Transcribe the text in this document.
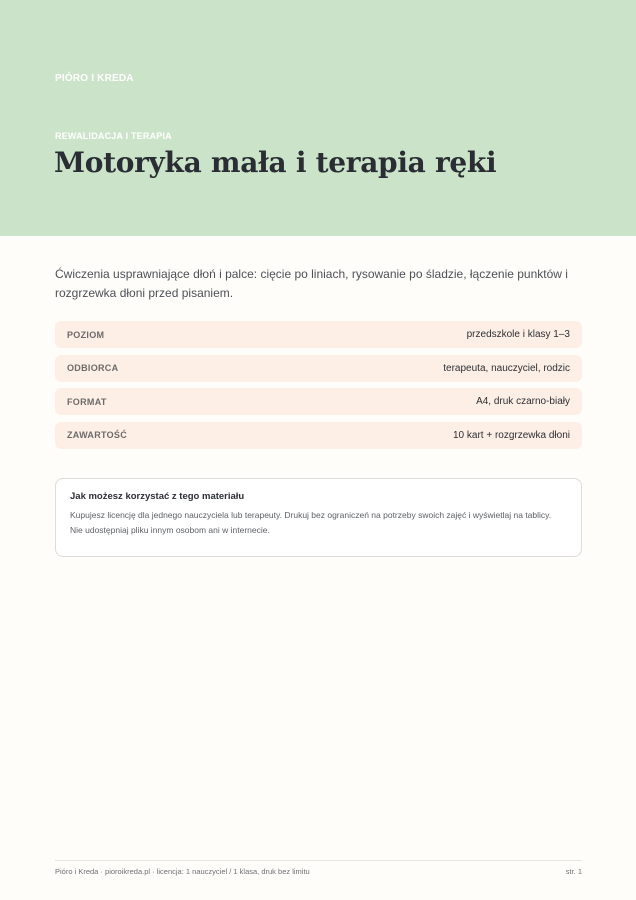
PIÓRO I KREDA
REWALIDACJA I TERAPIA
Motoryka mała i terapia ręki

Ćwiczenia usprawniające dłoń i palce: cięcie po liniach, rysowanie po śladzie, łączenie punktów i rozgrzewka dłoni przed pisaniem.

POZIOM	przedszkole i klasy 1–3
ODBIORCA	terapeuta, nauczyciel, rodzic
FORMAT	A4, druk czarno-biały
ZAWARTOŚĆ	10 kart + rozgrzewka dłoni

Jak możesz korzystać z tego materiału

Kupujesz licencję dla jednego nauczyciela lub terapeuty. Drukuj bez ograniczeń na potrzeby swoich zajęć i wyświetlaj na tablicy. Nie udostępniaj pliku innym osobom ani w internecie.

Pióro i Kreda · pioroikreda.pl · licencja: 1 nauczyciel / 1 klasa, druk bez limitu	str. 1
